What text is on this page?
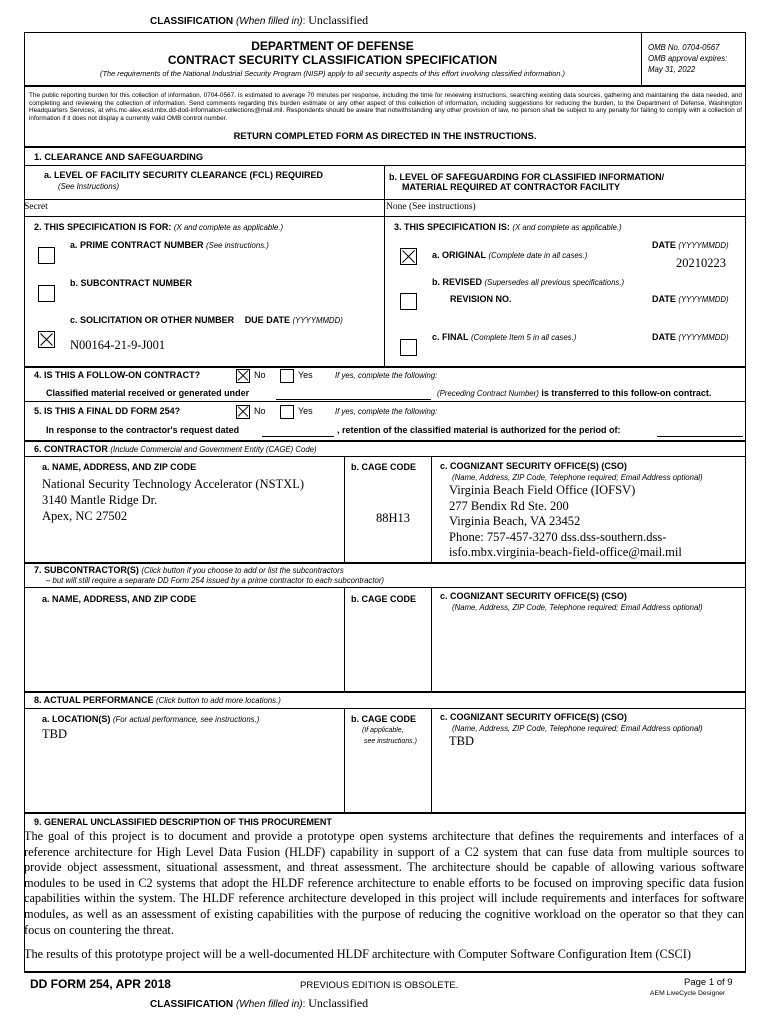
CLASSIFICATION (When filled in): Unclassified
DEPARTMENT OF DEFENSE
CONTRACT SECURITY CLASSIFICATION SPECIFICATION
(The requirements of the National Industrial Security Program (NISP) apply to all security aspects of this effort involving classified information.)
OMB No. 0704-0567
OMB approval expires:
May 31, 2022
The public reporting burden for this collection of information, 0704-0567, is estimated to average 70 minutes per response, including the time for reviewing instructions, searching existing data sources, gathering and maintaining the data needed, and completing and reviewing the collection of information. Send comments regarding this burden estimate or any other aspect of this collection of information, including suggestions for reducing the burden, to the Department of Defense, Washington Headquarters Services, at whs.mc-alex.esd.mbx.dd-dod-information-collections@mail.mil. Respondents should be aware that notwithstanding any other provision of law, no person shall be subject to any penalty for failing to comply with a collection of information if it does not display a currently valid OMB control number.
RETURN COMPLETED FORM AS DIRECTED IN THE INSTRUCTIONS.
1. CLEARANCE AND SAFEGUARDING
a. LEVEL OF FACILITY SECURITY CLEARANCE (FCL) REQUIRED
(See Instructions)
b. LEVEL OF SAFEGUARDING FOR CLASSIFIED INFORMATION/
MATERIAL REQUIRED AT CONTRACTOR FACILITY
Secret	None (See instructions)
2. THIS SPECIFICATION IS FOR: (X and complete as applicable.)	3. THIS SPECIFICATION IS: (X and complete as applicable.)
a. PRIME CONTRACT NUMBER (See instructions.)
b. SUBCONTRACT NUMBER
c. SOLICITATION OR OTHER NUMBER DUE DATE (YYYYMMDD)
N00164-21-9-J001
DATE (YYYYMMDD)
a. ORIGINAL (Complete date in all cases.)
20210223
b. REVISED (Supersedes all previous specifications.)
REVISION NO.	DATE (YYYYMMDD)
c. FINAL (Complete Item 5 in all cases.)	DATE (YYYYMMDD)
4. IS THIS A FOLLOW-ON CONTRACT?	No	Yes	If yes, complete the following:
Classified material received or generated under	(Preceding Contract Number) is transferred to this follow-on contract.
5. IS THIS A FINAL DD FORM 254?	No	Yes	If yes, complete the following:
In response to the contractor's request dated	, retention of the classified material is authorized for the period of:
6. CONTRACTOR (Include Commercial and Government Entity (CAGE) Code)
a. NAME, ADDRESS, AND ZIP CODE
National Security Technology Accelerator (NSTXL)
3140 Mantle Ridge Dr.
Apex, NC 27502
b. CAGE CODE
88H13
c. COGNIZANT SECURITY OFFICE(S) (CSO)
(Name, Address, ZIP Code, Telephone required; Email Address optional)
Virginia Beach Field Office (IOFSV)
277 Bendix Rd Ste. 200
Virginia Beach, VA 23452
Phone: 757-457-3270 dss.dss-southern.dss-
isfo.mbx.virginia-beach-field-office@mail.mil
7. SUBCONTRACTOR(S) (Click button if you choose to add or list the subcontractors
– but will still require a separate DD Form 254 issued by a prime contractor to each subcontractor)
a. NAME, ADDRESS, AND ZIP CODE	b. CAGE CODE	c. COGNIZANT SECURITY OFFICE(S) (CSO)
(Name, Address, ZIP Code, Telephone required; Email Address optional)
8. ACTUAL PERFORMANCE (Click button to add more locations.)
a. LOCATION(S) (For actual performance, see instructions.)
TBD
b. CAGE CODE
(If applicable,
see instructions.)
c. COGNIZANT SECURITY OFFICE(S) (CSO)
(Name, Address, ZIP Code, Telephone required; Email Address optional)
TBD
9. GENERAL UNCLASSIFIED DESCRIPTION OF THIS PROCUREMENT
The goal of this project is to document and provide a prototype open systems architecture that defines the requirements and interfaces of a reference architecture for High Level Data Fusion (HLDF) capability in support of a C2 system that can fuse data from multiple sources to provide object assessment, situational assessment, and threat assessment. The architecture should be capable of allowing various software modules to be used in C2 systems that adopt the HLDF reference architecture to enable efforts to be focused on improving specific data fusion capabilities within the system. The HLDF reference architecture developed in this project will include requirements and interfaces for software modules, as well as an assessment of existing capabilities with the purpose of reducing the cognitive workload on the operator so that they can focus on countering the threat.
The results of this prototype project will be a well-documented HLDF architecture with Computer Software Configuration Item (CSCI)
DD FORM 254, APR 2018	PREVIOUS EDITION IS OBSOLETE.	Page 1 of 9
AEM LiveCycle Designer
CLASSIFICATION (When filled in): Unclassified
